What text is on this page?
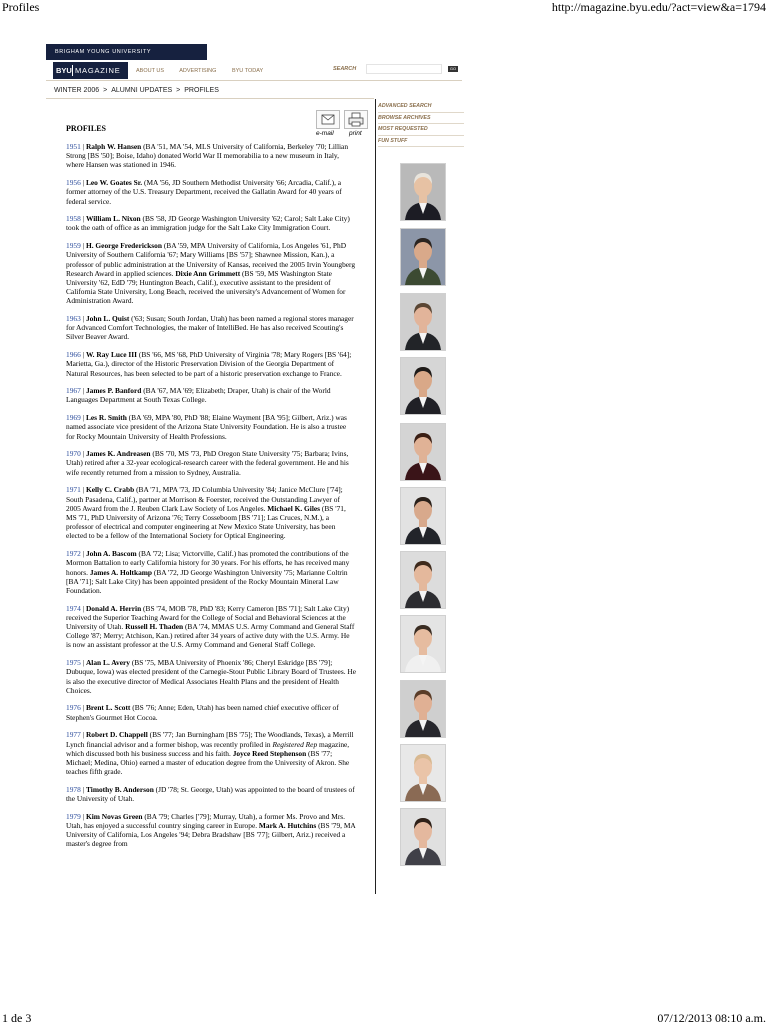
Profiles	http://magazine.byu.edu/?act=view&a=1794
BRIGHAM YOUNG UNIVERSITY
BYU MAGAZINE	ABOUT US	ADVERTISING	BYU TODAY	SEARCH	GO
WINTER 2006 > ALUMNI UPDATES > PROFILES
ADVANCED SEARCH
BROWSE ARCHIVES
MOST REQUESTED
FUN STUFF
e-mail print
PROFILES

1951 | Ralph W. Hansen (BA '51, MA '54, MLS University of California, Berkeley '70; Lillian Strong [BS '50]; Boise, Idaho) donated World War II memorabilia to a new museum in Italy, where Hansen was stationed in 1946.

1956 | Leo W. Goates Sr. (MA '56, JD Southern Methodist University '66; Arcadia, Calif.), a former attorney of the U.S. Treasury Department, received the Gallatin Award for 40 years of federal service.

1958 | William L. Nixon (BS '58, JD George Washington University '62; Carol; Salt Lake City) took the oath of office as an immigration judge for the Salt Lake City Immigration Court.

1959 | H. George Frederickson (BA '59, MPA University of California, Los Angeles '61, PhD University of Southern California '67; Mary Williams [BS '57]; Shawnee Mission, Kan.), a professor of public administration at the University of Kansas, received the 2005 Irvin Youngberg Research Award in applied sciences. Dixie Ann Grimmett (BS '59, MS Washington State University '62, EdD '79; Huntington Beach, Calif.), executive assistant to the president of California State University, Long Beach, received the university's Advancement of Women for Administration Award.

1963 | John L. Quist ('63; Susan; South Jordan, Utah) has been named a regional stores manager for Advanced Comfort Technologies, the maker of IntelliBed. He has also received Scouting's Silver Beaver Award.

1966 | W. Ray Luce III (BS '66, MS '68, PhD University of Virginia '78; Mary Rogers [BS '64]; Marietta, Ga.), director of the Historic Preservation Division of the Georgia Department of Natural Resources, has been selected to be part of a historic preservation exchange to France.

1967 | James P. Banford (BA '67, MA '69; Elizabeth; Draper, Utah) is chair of the World Languages Department at South Texas College.

1969 | Les R. Smith (BA '69, MPA '80, PhD '88; Elaine Wayment [BA '95]; Gilbert, Ariz.) was named associate vice president of the Arizona State University Foundation. He is also a trustee for Rocky Mountain University of Health Professions.

1970 | James K. Andreasen (BS '70, MS '73, PhD Oregon State University '75; Barbara; Ivins, Utah) retired after a 32-year ecological-research career with the federal government. He and his wife recently returned from a mission to Sydney, Australia.

1971 | Kelly C. Crabb (BA '71, MPA '73, JD Columbia University '84; Janice McClure ['74]; South Pasadena, Calif.), partner at Morrison & Foerster, received the Outstanding Lawyer of 2005 Award from the J. Reuben Clark Law Society of Los Angeles. Michael K. Giles (BS '71, MS '71, PhD University of Arizona '76; Terry Cosseboom [BS '71]; Las Cruces, N.M.), a professor of electrical and computer engineering at New Mexico State University, has been elected to be a fellow of the International Society for Optical Engineering.

1972 | John A. Bascom (BA '72; Lisa; Victorville, Calif.) has promoted the contributions of the Mormon Battalion to early California history for 30 years. For his efforts, he has received many honors. James A. Holtkamp (BA '72, JD George Washington University '75; Marianne Coltrin [BA '71]; Salt Lake City) has been appointed president of the Rocky Mountain Mineral Law Foundation.

1974 | Donald A. Herrin (BS '74, MOB '78, PhD '83; Kerry Cameron [BS '71]; Salt Lake City) received the Superior Teaching Award for the College of Social and Behavioral Sciences at the University of Utah. Russell H. Thaden (BA '74, MMAS U.S. Army Command and General Staff College '87; Merry; Atchison, Kan.) retired after 34 years of active duty with the U.S. Army. He is now an assistant professor at the U.S. Army Command and General Staff College.

1975 | Alan L. Avery (BS '75, MBA University of Phoenix '86; Cheryl Eskridge [BS '79]; Dubuque, Iowa) was elected president of the Carnegie-Stout Public Library Board of Trustees. He is also the executive director of Medical Associates Health Plans and the president of Health Choices.

1976 | Brent L. Scott (BS '76; Anne; Eden, Utah) has been named chief executive officer of Stephen's Gourmet Hot Cocoa.

1977 | Robert D. Chappell (BS '77; Jan Burningham [BS '75]; The Woodlands, Texas), a Merrill Lynch financial advisor and a former bishop, was recently profiled in Registered Rep magazine, which discussed both his business success and his faith. Joyce Reed Stephenson (BS '77; Michael; Medina, Ohio) earned a master of education degree from the University of Akron. She teaches fifth grade.

1978 | Timothy B. Anderson (JD '78; St. George, Utah) was appointed to the board of trustees of the University of Utah.

1979 | Kim Novas Green (BA '79; Charles ['79]; Murray, Utah), a former Ms. Provo and Mrs. Utah, has enjoyed a successful country singing career in Europe. Mark A. Hutchins (BS '79, MA University of California, Los Angeles '94; Debra Bradshaw [BS '77]; Gilbert, Ariz.) received a master's degree from

1 de 3	07/12/2013 08:10 a.m.
